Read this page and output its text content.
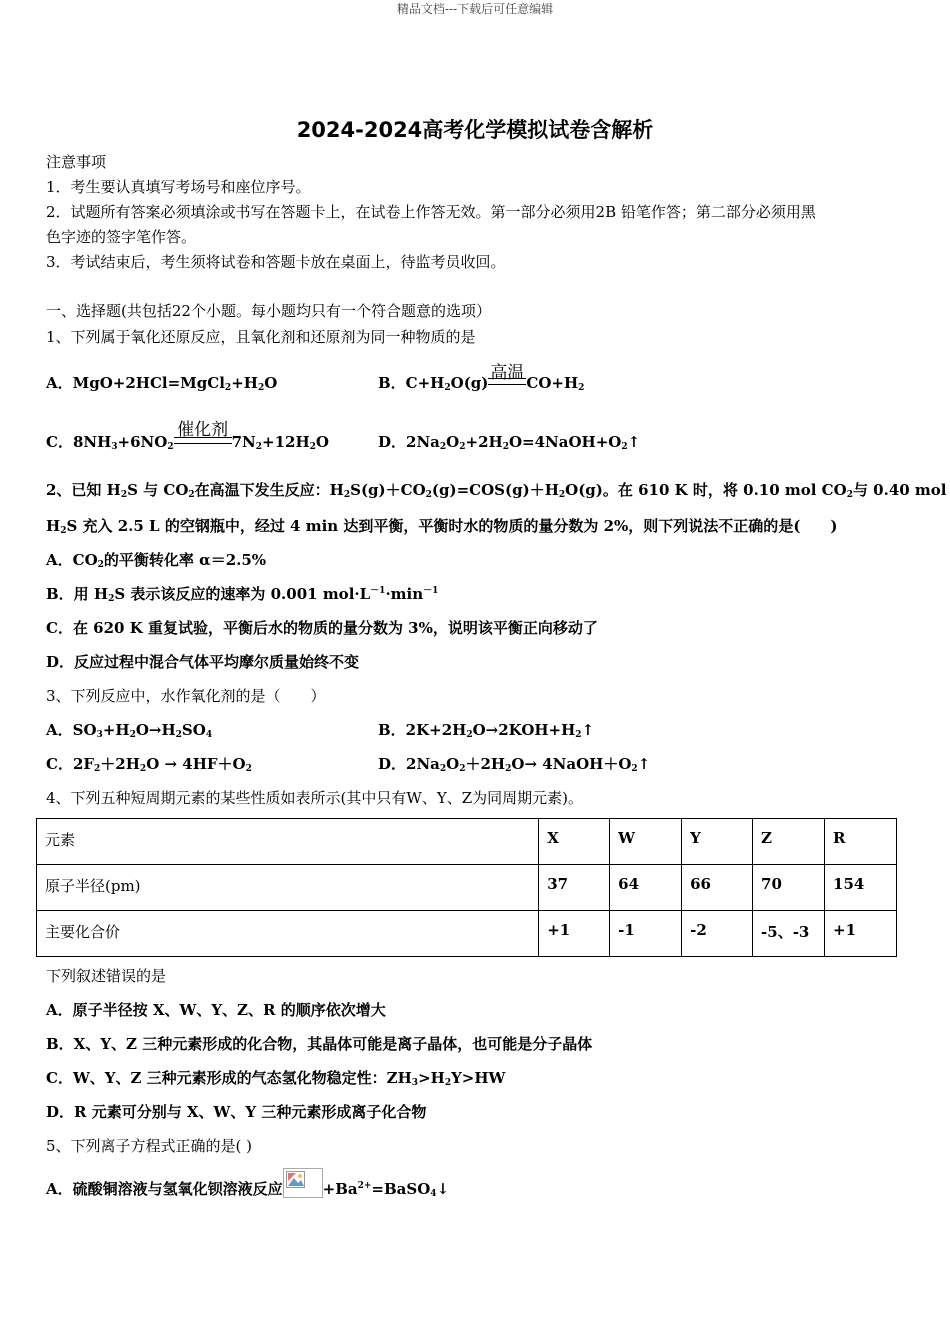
精品文档---下载后可任意编辑
2024-2024高考化学模拟试卷含解析
注意事项
1．考生要认真填写考场号和座位序号。
2．试题所有答案必须填涂或书写在答题卡上，在试卷上作答无效。第一部分必须用2B 铅笔作答；第二部分必须用黑
色字迹的签字笔作答。
3．考试结束后，考生须将试卷和答题卡放在桌面上，待监考员收回。
一、选择题(共包括22个小题。每小题均只有一个符合题意的选项）
1、下列属于氧化还原反应，且氧化剂和还原剂为同一种物质的是
A．$MgO+2HCl=MgCl_2+H_2O$	B．$C+H_2O(g)$ 高温 $CO+H_2$
C．$8NH_3+6NO_2$
催化剂
$7N_2+12H_2O$	D．$2Na_2O_2+2H_2O=4NaOH+O_2↑$
2、已知 $H_2S$ 与 $CO_2$在高温下发生反应：$H_2S(g)+CO_2(g)=COS(g)+H_2O(g)$。在 610 K 时，将 0.10 mol $CO_2$与 0.40 mol
$H_2S$ 充入 2.5 L 的空钢瓶中，经过 4 min 达到平衡，平衡时水的物质的量分数为 2%，则下列说法不正确的是(　　)
A．$CO_2$的平衡转化率 α＝2.5%
B．用 $H_2S$ 表示该反应的速率为 0.001 $mol\cdot L^{-1}\cdot\min^{-1}$
C．在 620 K 重复试验，平衡后水的物质的量分数为 3%，说明该平衡正向移动了
D．反应过程中混合气体平均摩尔质量始终不变
3、下列反应中，水作氧化剂的是（　　）
A．$SO_3+H_2O\to H_2SO_4$	B．$2K+2H_2O\to 2KOH+H_2↑$
C．$2F_2+2H_2O \to 4HF+O_2$	D．$2Na_2O_2+2H_2O\to$ $4NaOH+O_2↑$
4、下列五种短周期元素的某些性质如表所示(其中只有W、Y、Z为同周期元素)。
元素	X	W	Y	Z	R
原子半径(pm)	37	64	66	70	154
主要化合价	+1	-1	-2	-5、-3	+1
下列叙述错误的是
A．原子半径按 X、W、Y、Z、R 的顺序依次增大
B．X、Y、Z 三种元素形成的化合物，其晶体可能是离子晶体，也可能是分子晶体
C．W、Y、Z 三种元素形成的气态氢化物稳定性：$ZH_3>H_2Y>HW$
D．R 元素可分别与 X、W、Y 三种元素形成离子化合物
5、下列离子方程式正确的是( )
A．硫酸铜溶液与氢氧化钡溶液反应	$+Ba^{2+}=BaSO_4↓$
